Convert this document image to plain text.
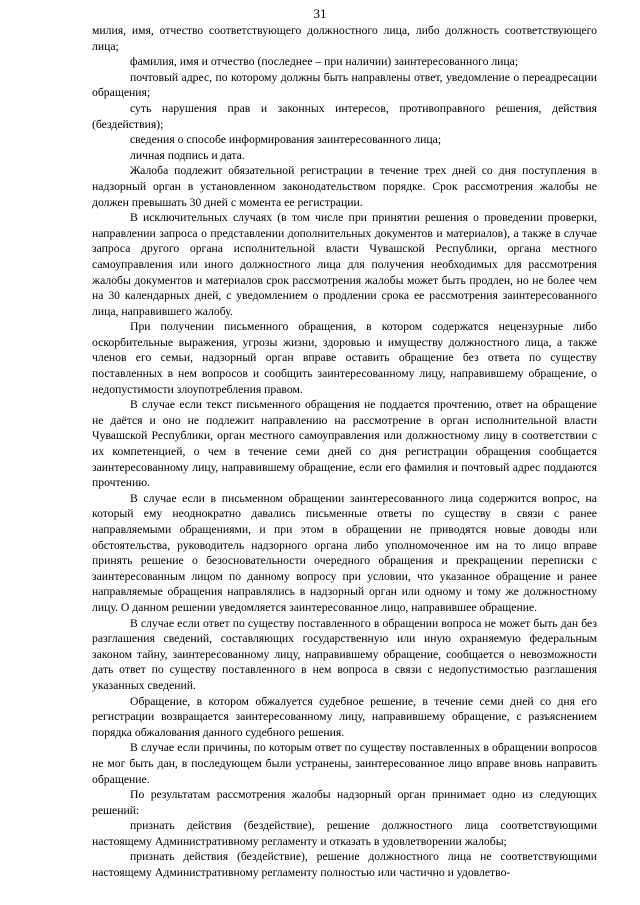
31

милия, имя, отчество соответствующего должностного лица, либо должность соответствующего лица;

фамилия, имя и отчество (последнее – при наличии) заинтересованного лица;

почтовый адрес, по которому должны быть направлены ответ, уведомление о переадресации обращения;

суть нарушения прав и законных интересов, противоправного решения, действия (бездействия);

сведения о способе информирования заинтересованного лица;

личная подпись и дата.

Жалоба подлежит обязательной регистрации в течение трех дней со дня поступления в надзорный орган в установленном законодательством порядке. Срок рассмотрения жалобы не должен превышать 30 дней с момента ее регистрации.

В исключительных случаях (в том числе при принятии решения о проведении проверки, направлении запроса о представлении дополнительных документов и материалов), а также в случае запроса другого органа исполнительной власти Чувашской Республики, органа местного самоуправления или иного должностного лица для получения необходимых для рассмотрения жалобы документов и материалов срок рассмотрения жалобы может быть продлен, но не более чем на 30 календарных дней, с уведомлением о продлении срока ее рассмотрения заинтересованного лица, направившего жалобу.

При получении письменного обращения, в котором содержатся нецензурные либо оскорбительные выражения, угрозы жизни, здоровью и имуществу должностного лица, а также членов его семьи, надзорный орган вправе оставить обращение без ответа по существу поставленных в нем вопросов и сообщить заинтересованному лицу, направившему обращение, о недопустимости злоупотребления правом.

В случае если текст письменного обращения не поддается прочтению, ответ на обращение не даётся и оно не подлежит направлению на рассмотрение в орган исполнительной власти Чувашской Республики, орган местного самоуправления или должностному лицу в соответствии с их компетенцией, о чем в течение семи дней со дня регистрации обращения сообщается заинтересованному лицу, направившему обращение, если его фамилия и почтовый адрес поддаются прочтению.

В случае если в письменном обращении заинтересованного лица содержится вопрос, на который ему неоднократно давались письменные ответы по существу в связи с ранее направляемыми обращениями, и при этом в обращении не приводятся новые доводы или обстоятельства, руководитель надзорного органа либо уполномоченное им на то лицо вправе принять решение о безосновательности очередного обращения и прекращении переписки с заинтересованным лицом по данному вопросу при условии, что указанное обращение и ранее направляемые обращения направлялись в надзорный орган или одному и тому же должностному лицу. О данном решении уведомляется заинтересованное лицо, направившее обращение.

В случае если ответ по существу поставленного в обращении вопроса не может быть дан без разглашения сведений, составляющих государственную или иную охраняемую федеральным законом тайну, заинтересованному лицу, направившему обращение, сообщается о невозможности дать ответ по существу поставленного в нем вопроса в связи с недопустимостью разглашения указанных сведений.

Обращение, в котором обжалуется судебное решение, в течение семи дней со дня его регистрации возвращается заинтересованному лицу, направившему обращение, с разъяснением порядка обжалования данного судебного решения.

В случае если причины, по которым ответ по существу поставленных в обращении вопросов не мог быть дан, в последующем были устранены, заинтересованное лицо вправе вновь направить обращение.

По результатам рассмотрения жалобы надзорный орган принимает одно из следующих решений:

признать действия (бездействие), решение должностного лица соответствующими настоящему Административному регламенту и отказать в удовлетворении жалобы;

признать действия (бездействие), решение должностного лица не соответствующими настоящему Административному регламенту полностью или частично и удовлетво-
